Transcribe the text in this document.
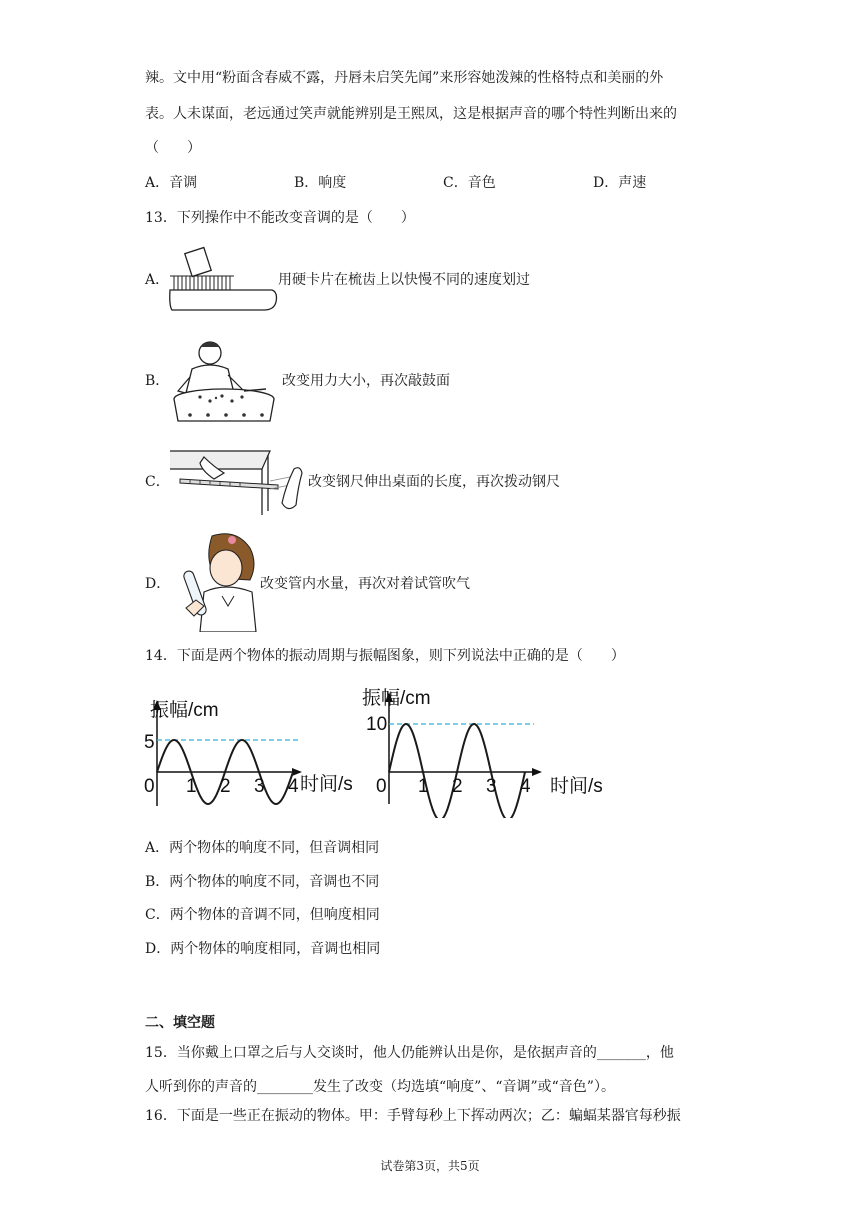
辣。文中用“粉面含春威不露，丹唇未启笑先闻”来形容她泼辣的性格特点和美丽的外
表。人未谋面，老远通过笑声就能辨别是王熙凤，这是根据声音的哪个特性判断出来的
（　　）
A．音调	B．响度	C．音色	D．声速
13．下列操作中不能改变音调的是（　　）
A．	用硬卡片在梳齿上以快慢不同的速度划过
B．	改变用力大小，再次敲鼓面
C．	改变钢尺伸出桌面的长度，再次拨动钢尺
D．	改变管内水量，再次对着试管吹气
14．下面是两个物体的振动周期与振幅图象，则下列说法中正确的是（　　）
振幅/cm
时间/s
5
0 1 2 3 4
振幅/cm
时间/s
10
0 1 2 3 4
A．两个物体的响度不同，但音调相同
B．两个物体的响度不同，音调也不同
C．两个物体的音调不同，但响度相同
D．两个物体的响度相同，音调也相同
二、填空题
15．当你戴上口罩之后与人交谈时，他人仍能辨认出是你，是依据声音的_______，他
人听到你的声音的________发生了改变（均选填“响度”、“音调”或“音色”）。
16．下面是一些正在振动的物体。甲：手臂每秒上下挥动两次；乙：蝙蝠某器官每秒振
试卷第3页，共5页
